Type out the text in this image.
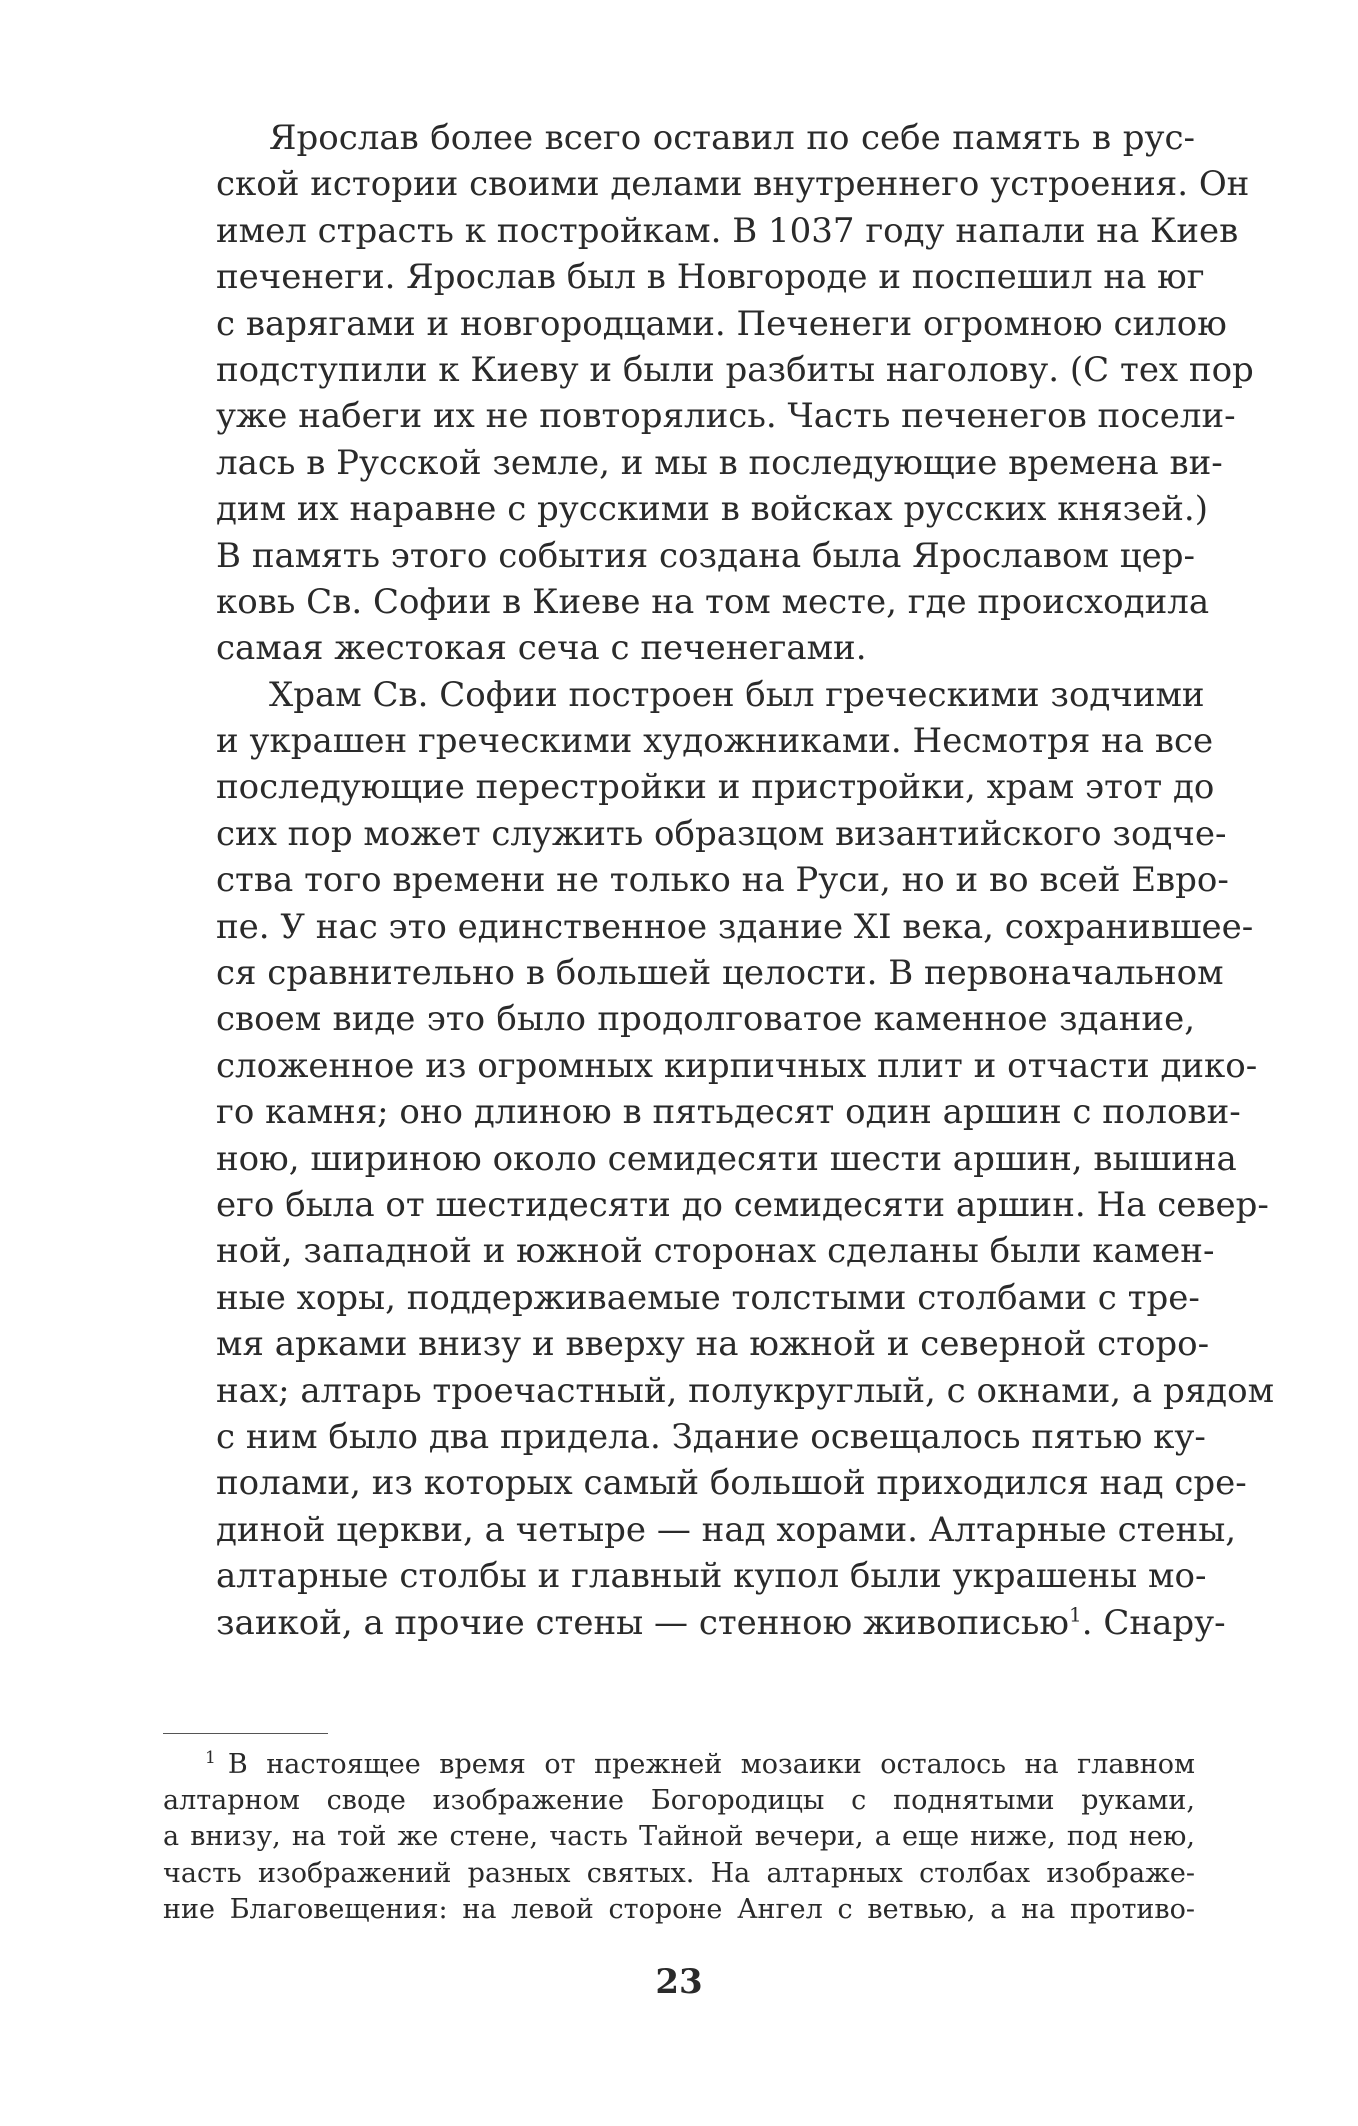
Ярослав более всего оставил по себе память в рус-
ской истории своими делами внутреннего устроения. Он
имел страсть к постройкам. В 1037 году напали на Киев
печенеги. Ярослав был в Новгороде и поспешил на юг
с варягами и новгородцами. Печенеги огромною силою
подступили к Киеву и были разбиты наголову. (С тех пор
уже набеги их не повторялись. Часть печенегов посели-
лась в Русской земле, и мы в последующие времена ви-
дим их наравне с русскими в войсках русских князей.)
В память этого события создана была Ярославом цер-
ковь Св. Софии в Киеве на том месте, где происходила
самая жестокая сеча с печенегами.
Храм Св. Софии построен был греческими зодчими
и украшен греческими художниками. Несмотря на все
последующие перестройки и пристройки, храм этот до
сих пор может служить образцом византийского зодче-
ства того времени не только на Руси, но и во всей Евро-
пе. У нас это единственное здание XI века, сохранившее-
ся сравнительно в большей целости. В первоначальном
своем виде это было продолговатое каменное здание,
сложенное из огромных кирпичных плит и отчасти дико-
го камня; оно длиною в пятьдесят один аршин с полови-
ною, шириною около семидесяти шести аршин, вышина
его была от шестидесяти до семидесяти аршин. На север-
ной, западной и южной сторонах сделаны были камен-
ные хоры, поддерживаемые толстыми столбами с тре-
мя арками внизу и вверху на южной и северной сторо-
нах; алтарь троечастный, полукруглый, с окнами, а рядом
с ним было два придела. Здание освещалось пятью ку-
полами, из которых самый большой приходился над сре-
диной церкви, а четыре — над хорами. Алтарные стены,
алтарные столбы и главный купол были украшены мо-
заикой, а прочие стены — стенною живописью$^1$. Снару-
$^1$ В настоящее время от прежней мозаики осталось на главном
алтарном своде изображение Богородицы с поднятыми руками,
а внизу, на той же стене, часть Тайной вечери, а еще ниже, под нею,
часть изображений разных святых. На алтарных столбах изображе-
ние Благовещения: на левой стороне Ангел с ветвью, а на противо-
23
